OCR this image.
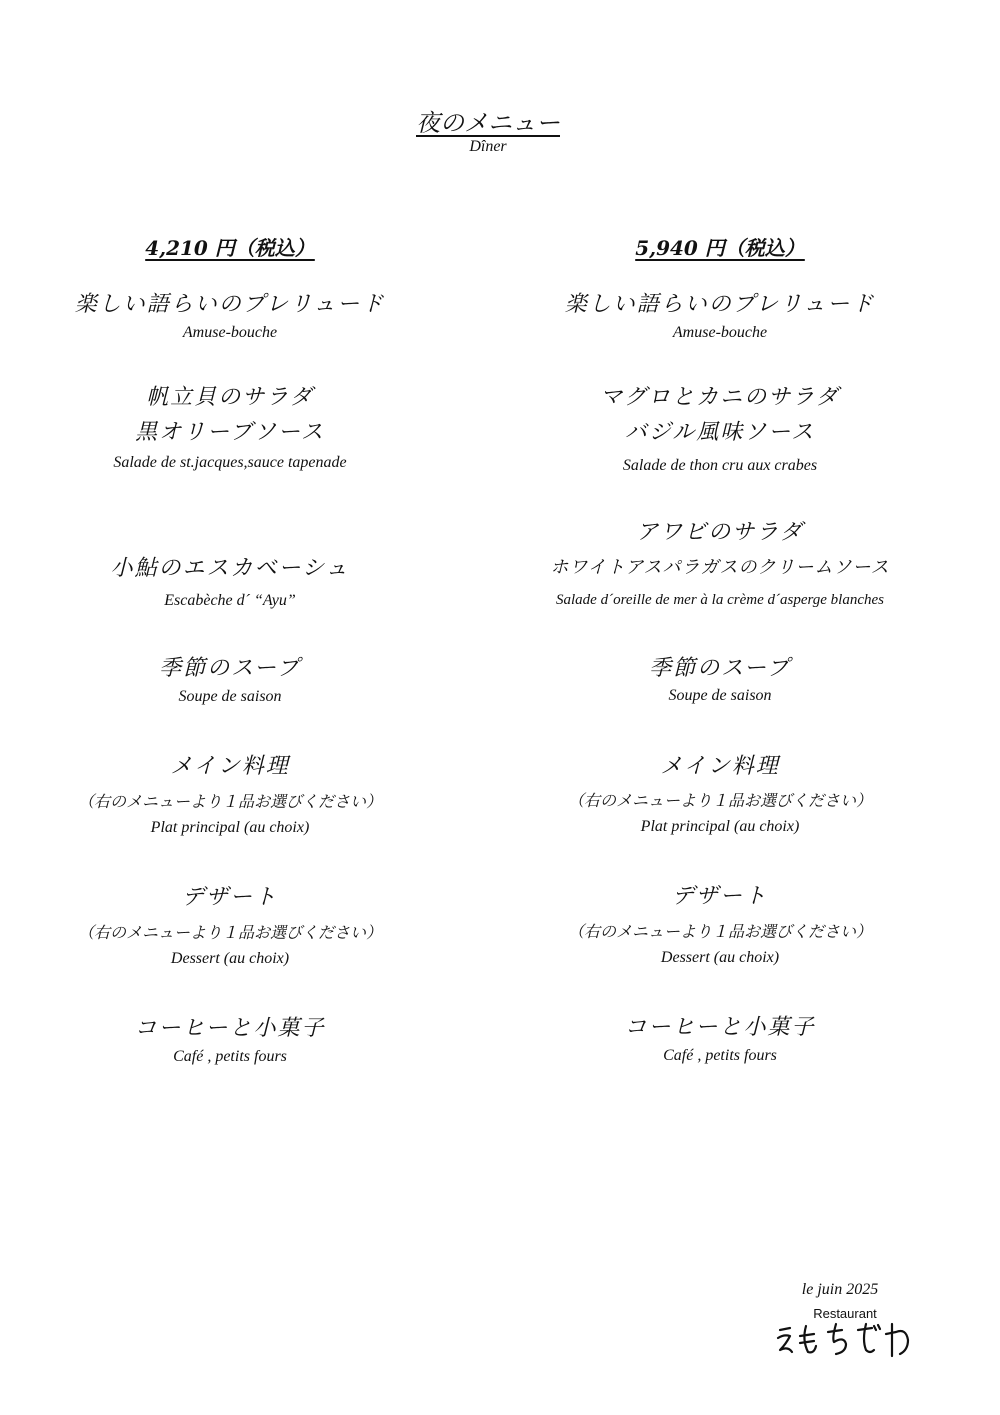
夜のメニュー
Dîner
4,210 円（税込）
楽しい語らいのプレリュード
Amuse-bouche
帆立貝のサラダ
黒オリーブソース
Salade de st.jacques,sauce tapenade
小鮎のエスカベーシュ
Escabèche d´ “Ayu”
季節のスープ
Soupe de saison
メイン料理
（右のメニューより１品お選びください）
Plat principal (au choix)
デザート
（右のメニューより１品お選びください）
Dessert (au choix)
コーヒーと小菓子
Café , petits fours
5,940 円（税込）
楽しい語らいのプレリュード
Amuse-bouche
マグロとカニのサラダ
バジル風味ソース
Salade de thon cru aux crabes
アワビのサラダ
ホワイトアスパラガスのクリームソース
Salade d´oreille de mer à la crème d´asperge blanches
季節のスープ
Soupe de saison
メイン料理
（右のメニューより１品お選びください）
Plat principal (au choix)
デザート
（右のメニューより１品お選びください）
Dessert (au choix)
コーヒーと小菓子
Café , petits fours
le juin 2025
Restaurant
